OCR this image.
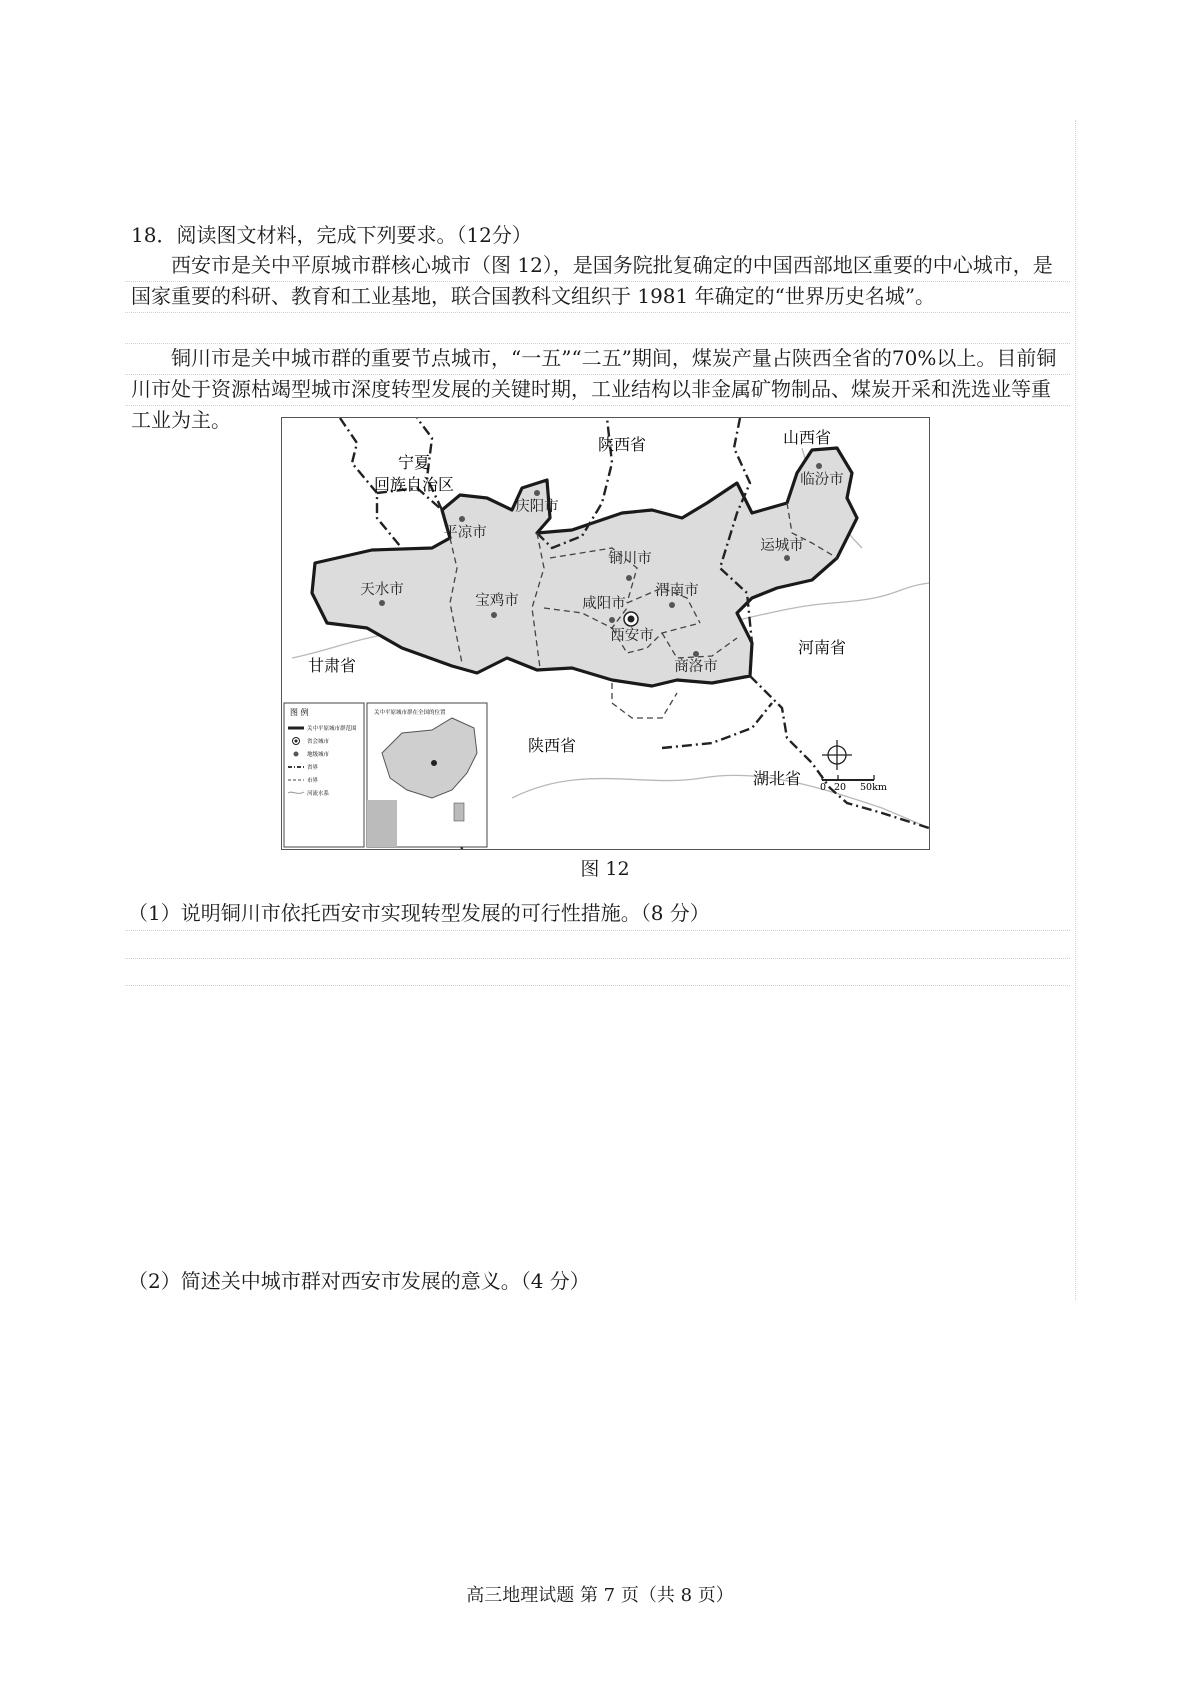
18．阅读图文材料，完成下列要求。（12分）
西安市是关中平原城市群核心城市（图 12），是国务院批复确定的中国西部地区重要的中心城市，是国家重要的科研、教育和工业基地，联合国教科文组织于 1981 年确定的“世界历史名城”。
铜川市是关中城市群的重要节点城市，“一五”“二五”期间，煤炭产量占陕西全省的70%以上。目前铜川市处于资源枯竭型城市深度转型发展的关键时期，工业结构以非金属矿物制品、煤炭开采和洗选业等重工业为主。
陕西省	山西省
宁夏
回族自治区
甘肃省
河南省
陕西省
湖北省
临汾市
庆阳市
平凉市
运城市
铜川市
天水市	渭南市
宝鸡市	咸阳市
西安市
商洛市
图 例
关中平原城市群范围
省会城市
地级城市
省界
市界
河流水系
关中平原城市群在全国的位置
0 20 50km
图 12
（1）说明铜川市依托西安市实现转型发展的可行性措施。（8 分）
（2）简述关中城市群对西安市发展的意义。（4 分）
高三地理试题 第 7 页（共 8 页）
